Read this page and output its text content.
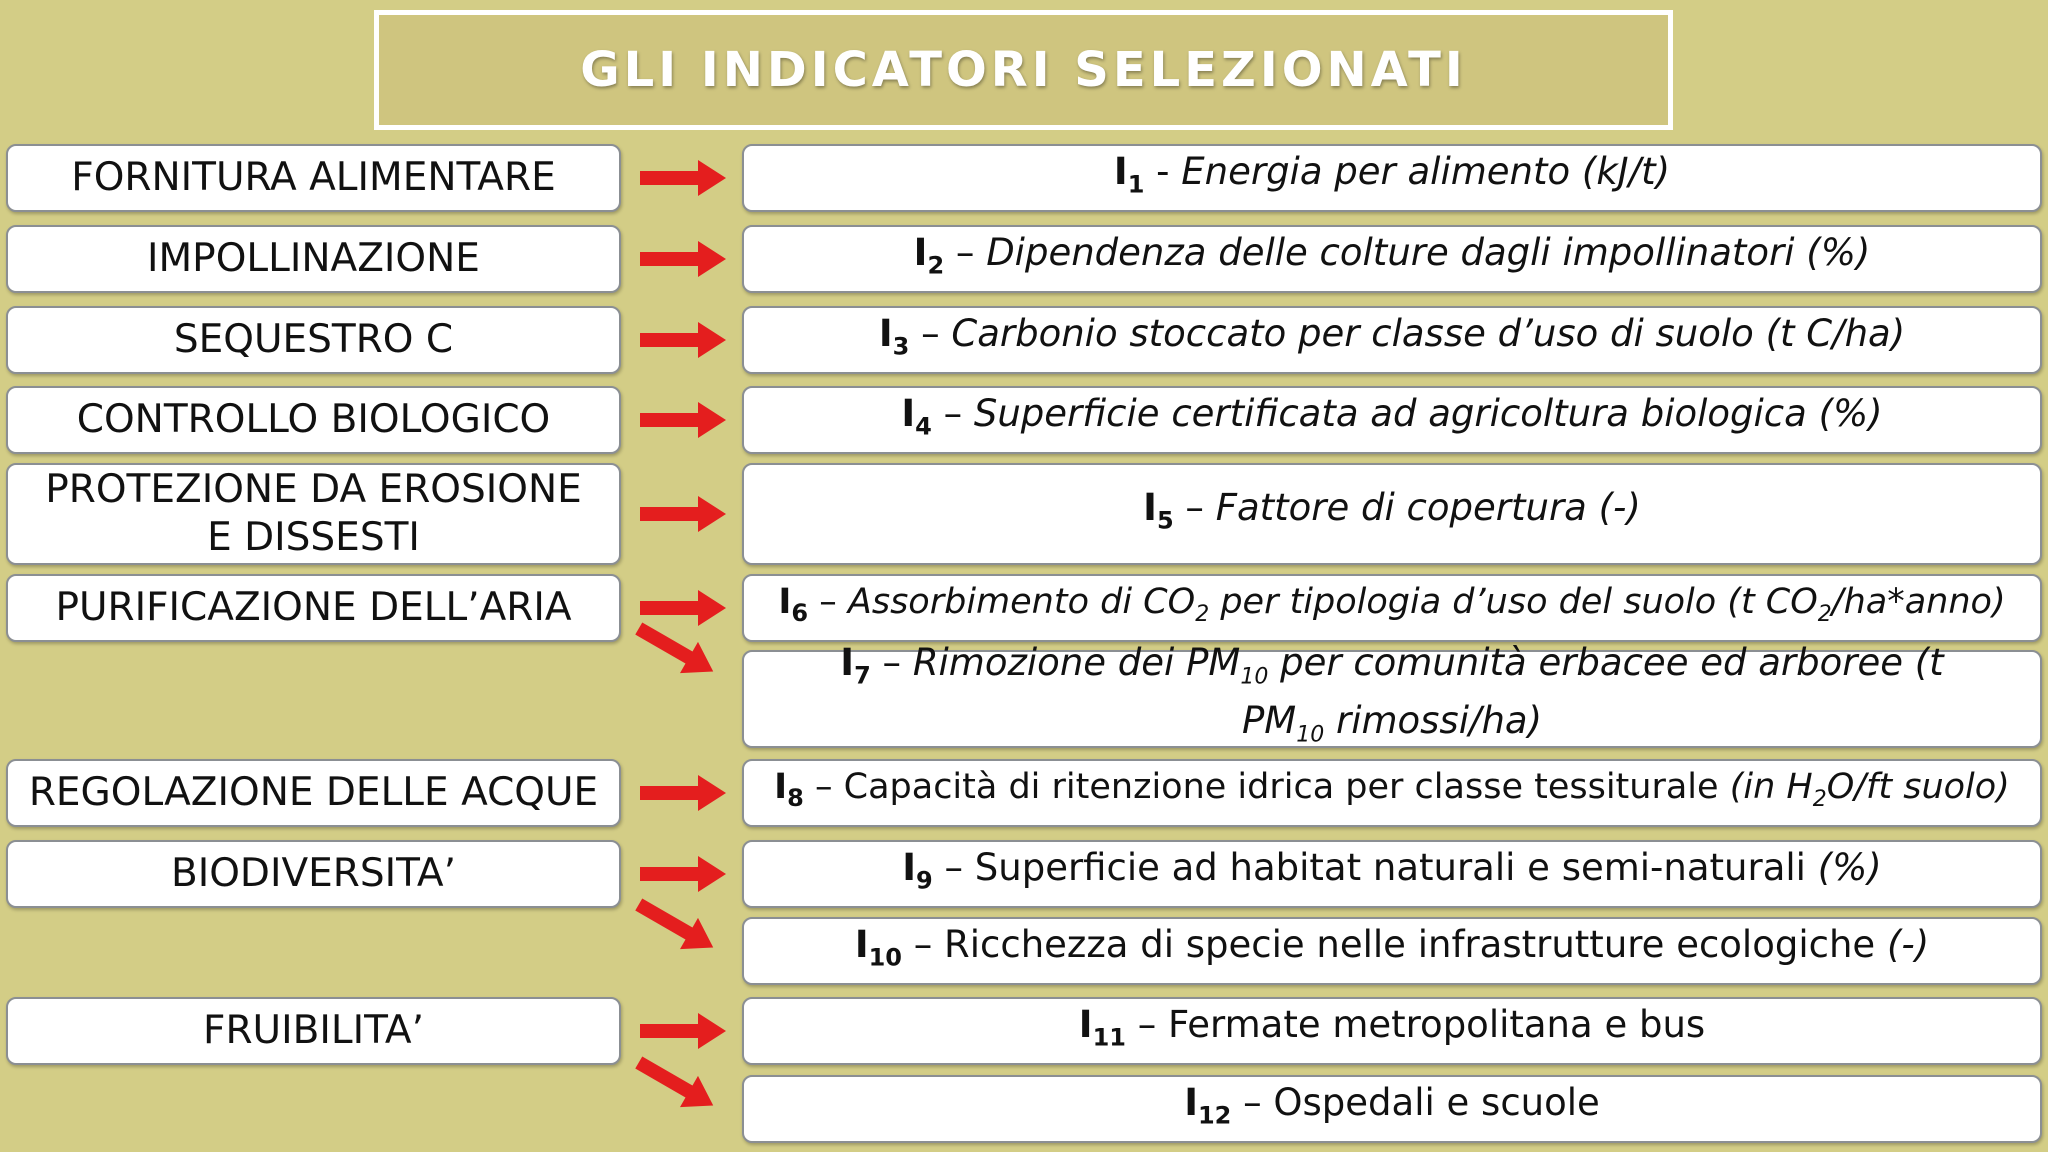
GLI INDICATORI SELEZIONATI
FORNITURA ALIMENTARE
IMPOLLINAZIONE
SEQUESTRO C
CONTROLLO BIOLOGICO
PROTEZIONE DA EROSIONE E DISSESTI
PURIFICAZIONE DELL’ARIA
REGOLAZIONE DELLE ACQUE
BIODIVERSITA’
FRUIBILITA’
$I_1$ - Energia per alimento (kJ/t)
$I_2$ – Dipendenza delle colture dagli impollinatori (%)
$I_3$ – Carbonio stoccato per classe d’uso di suolo (t C/ha)
$I_4$ – Superficie certificata ad agricoltura biologica (%)
$I_5$ – Fattore di copertura (-)
$I_6$ – Assorbimento di $CO_2$ per tipologia d’uso del suolo (t $CO_2/ha*anno$)
$I_7$ – Rimozione dei $PM_{10}$ per comunità erbacee ed arboree (t $PM_{10}$ rimossi/ha)
$I_8$ – Capacità di ritenzione idrica per classe tessiturale (in $H_2O/ft$ suolo)
$I_9$ – Superficie ad habitat naturali e semi-naturali (%)
$I_{10}$ – Ricchezza di specie nelle infrastrutture ecologiche (-)
$I_{11}$ – Fermate metropolitana e bus
$I_{12}$ – Ospedali e scuole
